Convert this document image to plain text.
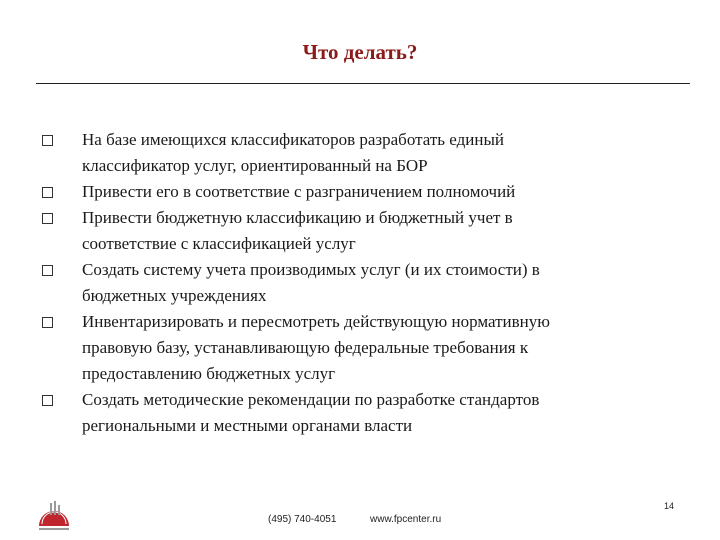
Что делать?
На базе имеющихся классификаторов разработать единый
классификатор услуг, ориентированный на БОР
Привести его в соответствие с разграничением полномочий
Привести бюджетную классификацию и бюджетный учет в
соответствие с классификацией услуг
Создать систему учета производимых услуг (и их стоимости) в
бюджетных учреждениях
Инвентаризировать и пересмотреть действующую нормативную
правовую базу, устанавливающую федеральные требования к
предоставлению бюджетных услуг
Создать методические рекомендации по разработке стандартов
региональными и местными органами власти
(495) 740-4051	www.fpcenter.ru
14
